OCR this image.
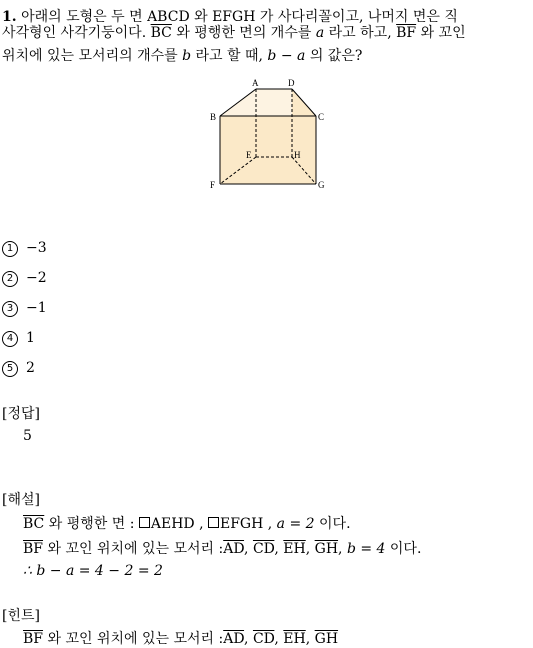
1. 아래의 도형은 두 면 ABCD 와 EFGH 가 사다리꼴이고, 나머지 면은 직
사각형인 사각기둥이다. $\overline{BC}$ 와 평행한 면의 개수를 a 라고 하고, $\overline{BF}$ 와 꼬인
위치에 있는 모서리의 개수를 b 라고 할 때, b − a 의 값은?
A	D
B	C
E	H
F	G
1 −3
2 −2
3 −1
4 1
5 2
[정답]
5
[해설]
$\overline{BC}$ 와 평행한 면 : AEHD , EFGH , a = 2 이다.
$\overline{BF}$ 와 꼬인 위치에 있는 모서리 $:\overline{AD}$, $\overline{CD}$, $\overline{EH}$, $\overline{GH}$, b = 4 이다.
∴ b − a = 4 − 2 = 2
[힌트]
$\overline{BF}$ 와 꼬인 위치에 있는 모서리 $:\overline{AD}$, $\overline{CD}$, $\overline{EH}$, $\overline{GH}$
